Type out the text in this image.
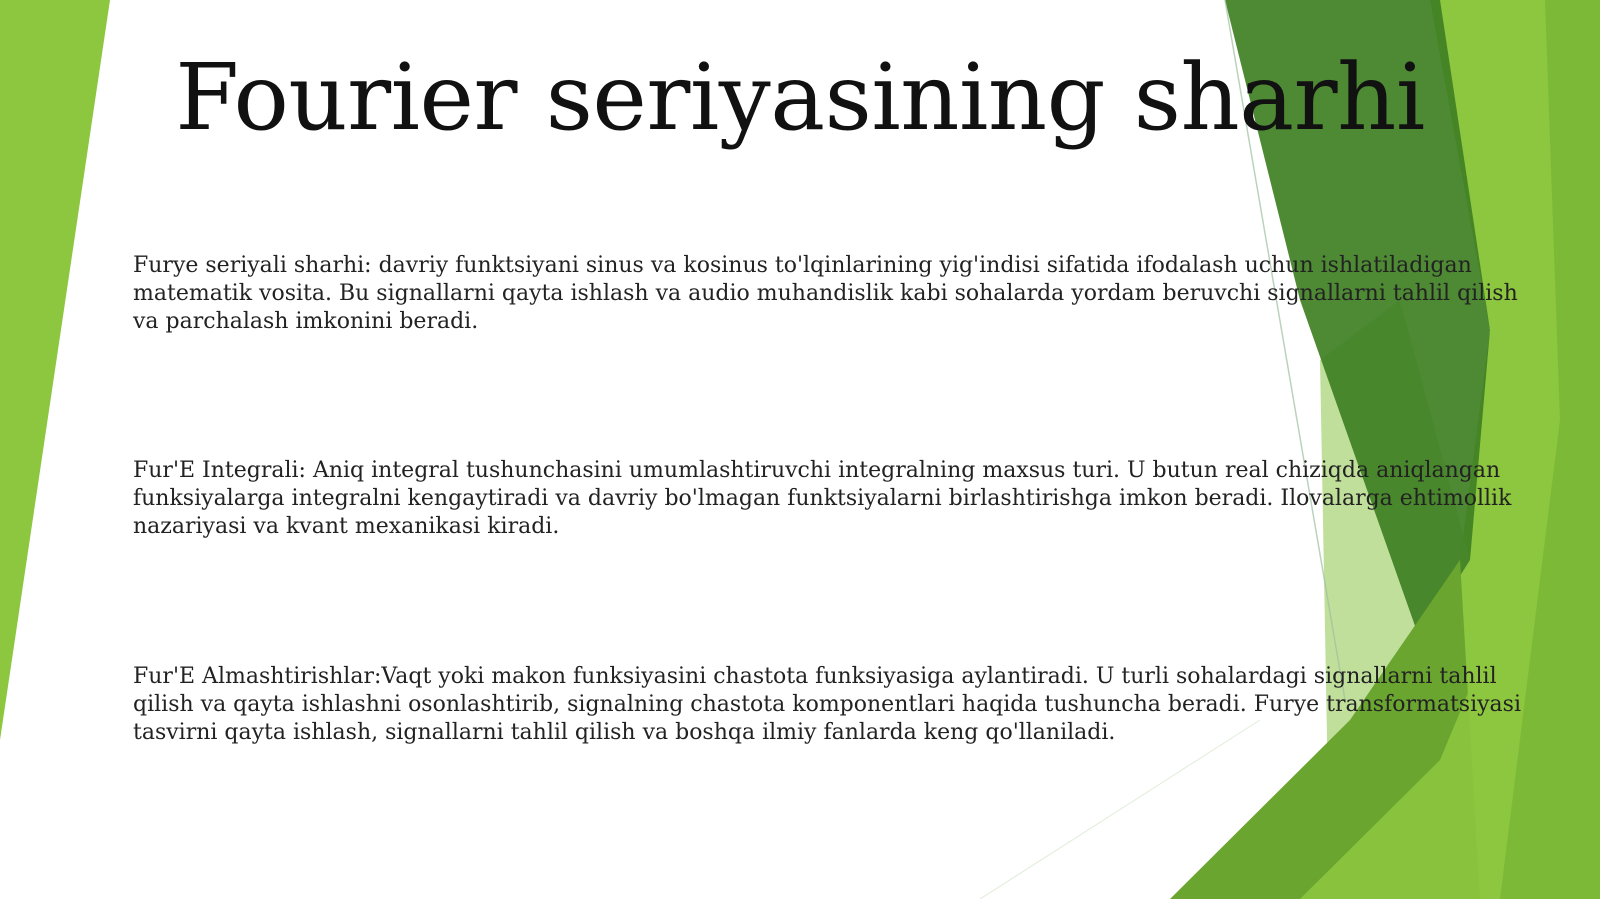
Fourier seriyasining sharhi

Furye seriyali sharhi: davriy funktsiyani sinus va kosinus to'lqinlarining yig'indisi sifatida ifodalash uchun ishlatiladigan matematik vosita. Bu signallarni qayta ishlash va audio muhandislik kabi sohalarda yordam beruvchi signallarni tahlil qilish va parchalash imkonini beradi.

Fur'E Integrali: Aniq integral tushunchasini umumlashtiruvchi integralning maxsus turi. U butun real chiziqda aniqlangan funksiyalarga integralni kengaytiradi va davriy bo'lmagan funktsiyalarni birlashtirishga imkon beradi. Ilovalarga ehtimollik nazariyasi va kvant mexanikasi kiradi.

Fur'E Almashtirishlar:Vaqt yoki makon funksiyasini chastota funksiyasiga aylantiradi. U turli sohalardagi signallarni tahlil qilish va qayta ishlashni osonlashtirib, signalning chastota komponentlari haqida tushuncha beradi. Furye transformatsiyasi tasvirni qayta ishlash, signallarni tahlil qilish va boshqa ilmiy fanlarda keng qo'llaniladi.
